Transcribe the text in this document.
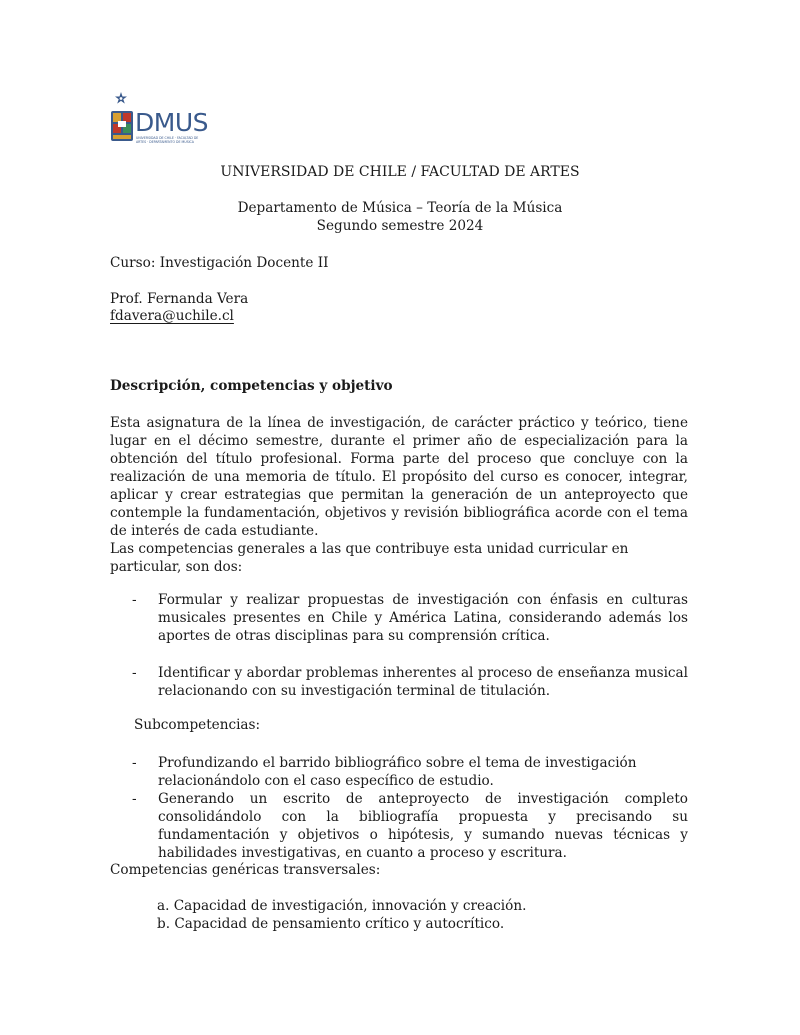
DMUS
UNIVERSIDAD DE CHILE · FACULTAD DE ARTES · DEPARTAMENTO DE MÚSICA
UNIVERSIDAD DE CHILE / FACULTAD DE ARTES
Departamento de Música – Teoría de la Música
Segundo semestre 2024
Curso: Investigación Docente II
Prof. Fernanda Vera
fdavera@uchile.cl
Descripción, competencias y objetivo
Esta asignatura de la línea de investigación, de carácter práctico y teórico, tiene lugar en el décimo semestre, durante el primer año de especialización para la obtención del título profesional. Forma parte del proceso que concluye con la realización de una memoria de título. El propósito del curso es conocer, integrar, aplicar y crear estrategias que permitan la generación de un anteproyecto que contemple la fundamentación, objetivos y revisión bibliográfica acorde con el tema de interés de cada estudiante.
Las competencias generales a las que contribuye esta unidad curricular en particular, son dos:
-	Formular y realizar propuestas de investigación con énfasis en culturas musicales presentes en Chile y América Latina, considerando además los aportes de otras disciplinas para su comprensión crítica.
-	Identificar y abordar problemas inherentes al proceso de enseñanza musical relacionando con su investigación terminal de titulación.
Subcompetencias:
-	Profundizando el barrido bibliográfico sobre el tema de investigación relacionándolo con el caso específico de estudio.
-	Generando un escrito de anteproyecto de investigación completo consolidándolo con la bibliografía propuesta y precisando su fundamentación y objetivos o hipótesis, y sumando nuevas técnicas y habilidades investigativas, en cuanto a proceso y escritura.
Competencias genéricas transversales:
a. Capacidad de investigación, innovación y creación.
b. Capacidad de pensamiento crítico y autocrítico.
